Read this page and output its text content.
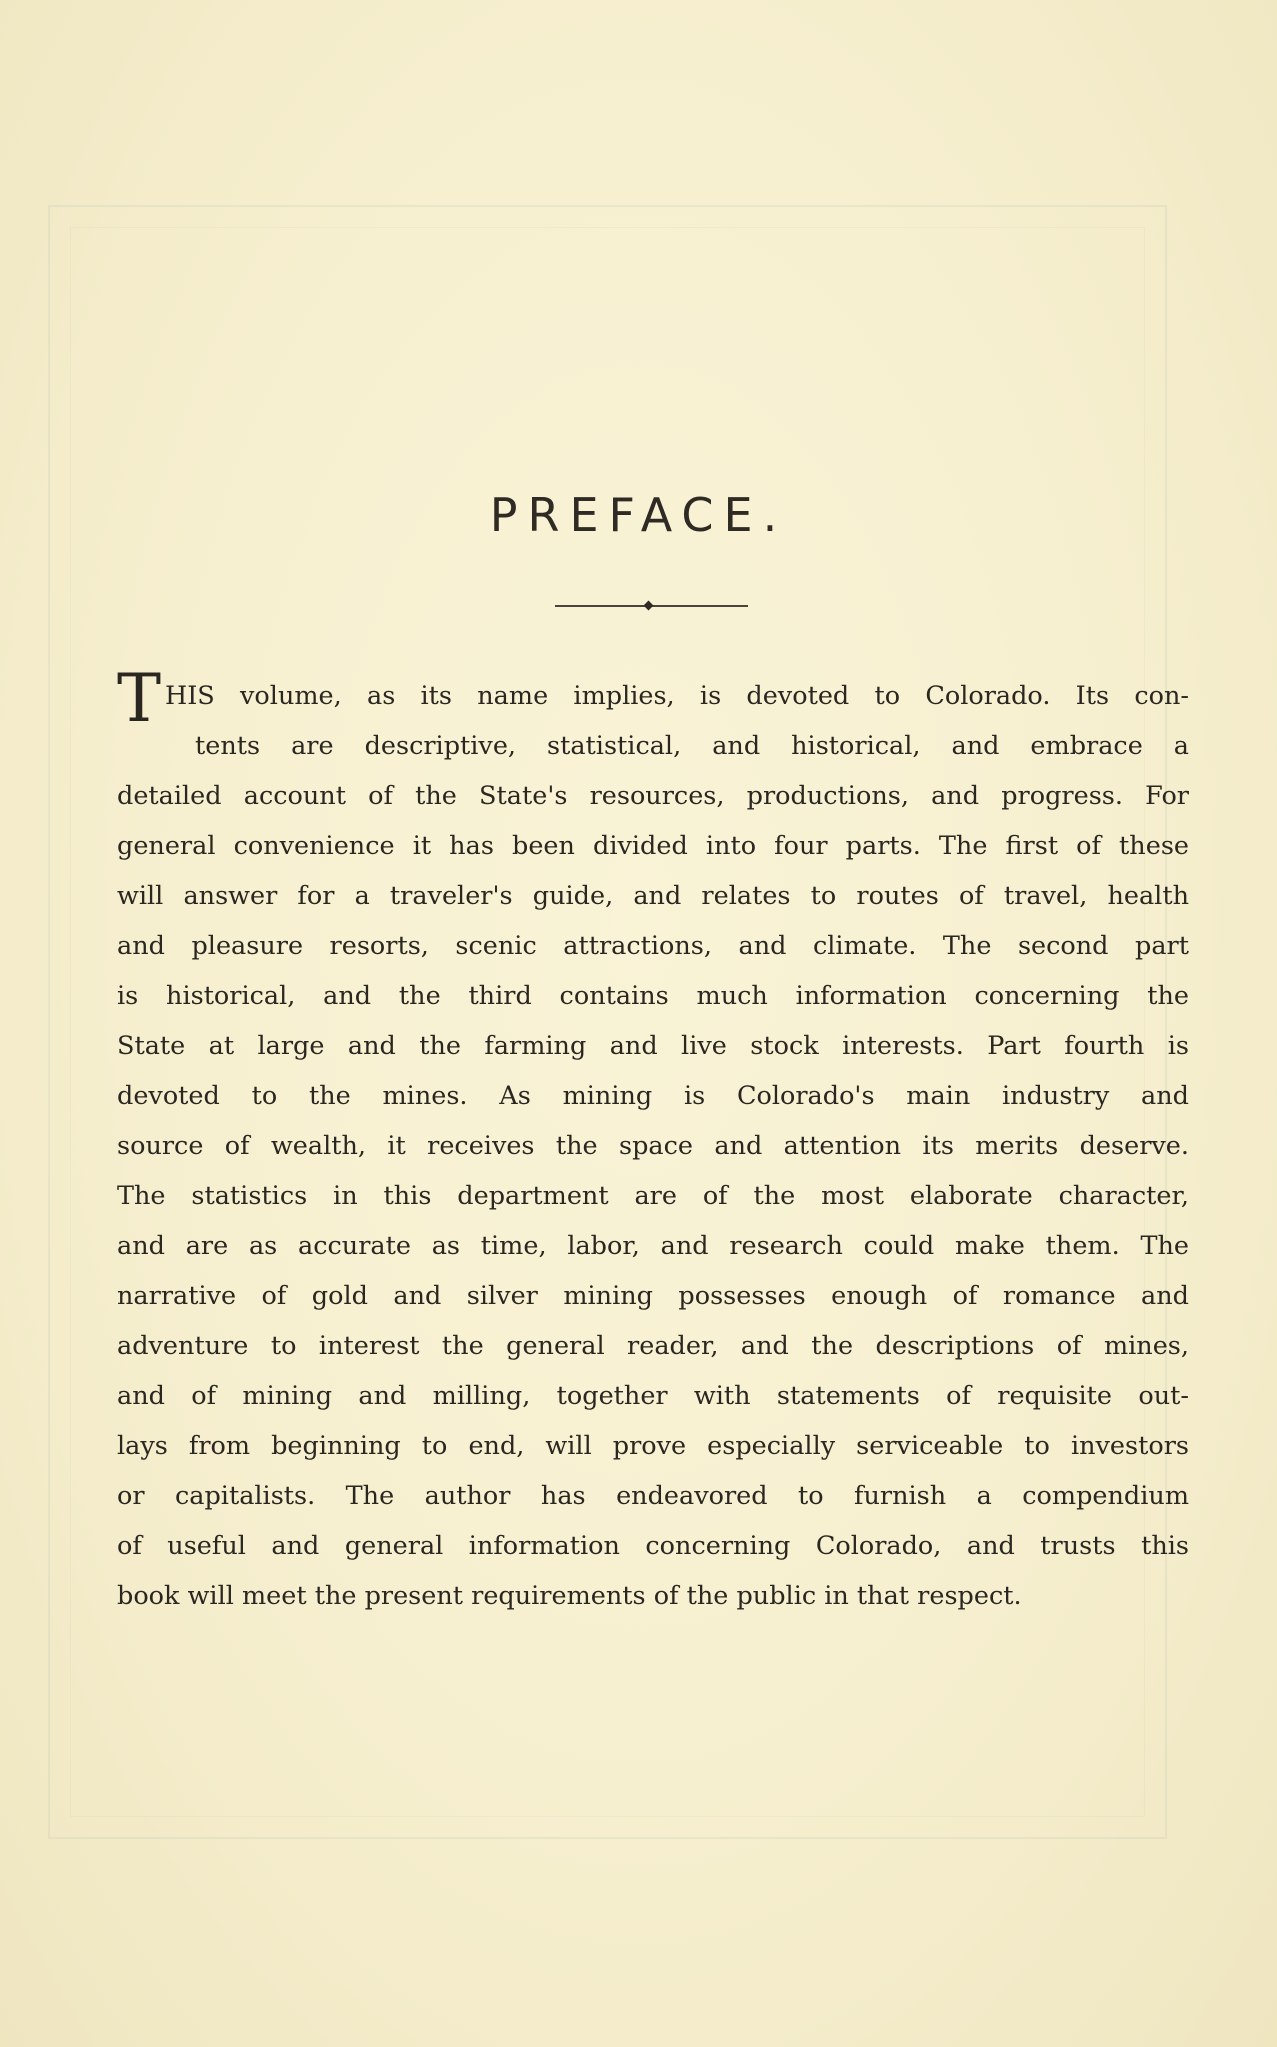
PREFACE.
T HIS volume, as its name implies, is devoted to Colorado. Its con-
tents are descriptive, statistical, and historical, and embrace a
detailed account of the State's resources, productions, and progress. For
general convenience it has been divided into four parts. The first of these
will answer for a traveler's guide, and relates to routes of travel, health
and pleasure resorts, scenic attractions, and climate. The second part
is historical, and the third contains much information concerning the
State at large and the farming and live stock interests. Part fourth is
devoted to the mines. As mining is Colorado's main industry and
source of wealth, it receives the space and attention its merits deserve.
The statistics in this department are of the most elaborate character,
and are as accurate as time, labor, and research could make them. The
narrative of gold and silver mining possesses enough of romance and
adventure to interest the general reader, and the descriptions of mines,
and of mining and milling, together with statements of requisite out-
lays from beginning to end, will prove especially serviceable to investors
or capitalists. The author has endeavored to furnish a compendium
of useful and general information concerning Colorado, and trusts this
book will meet the present requirements of the public in that respect.
